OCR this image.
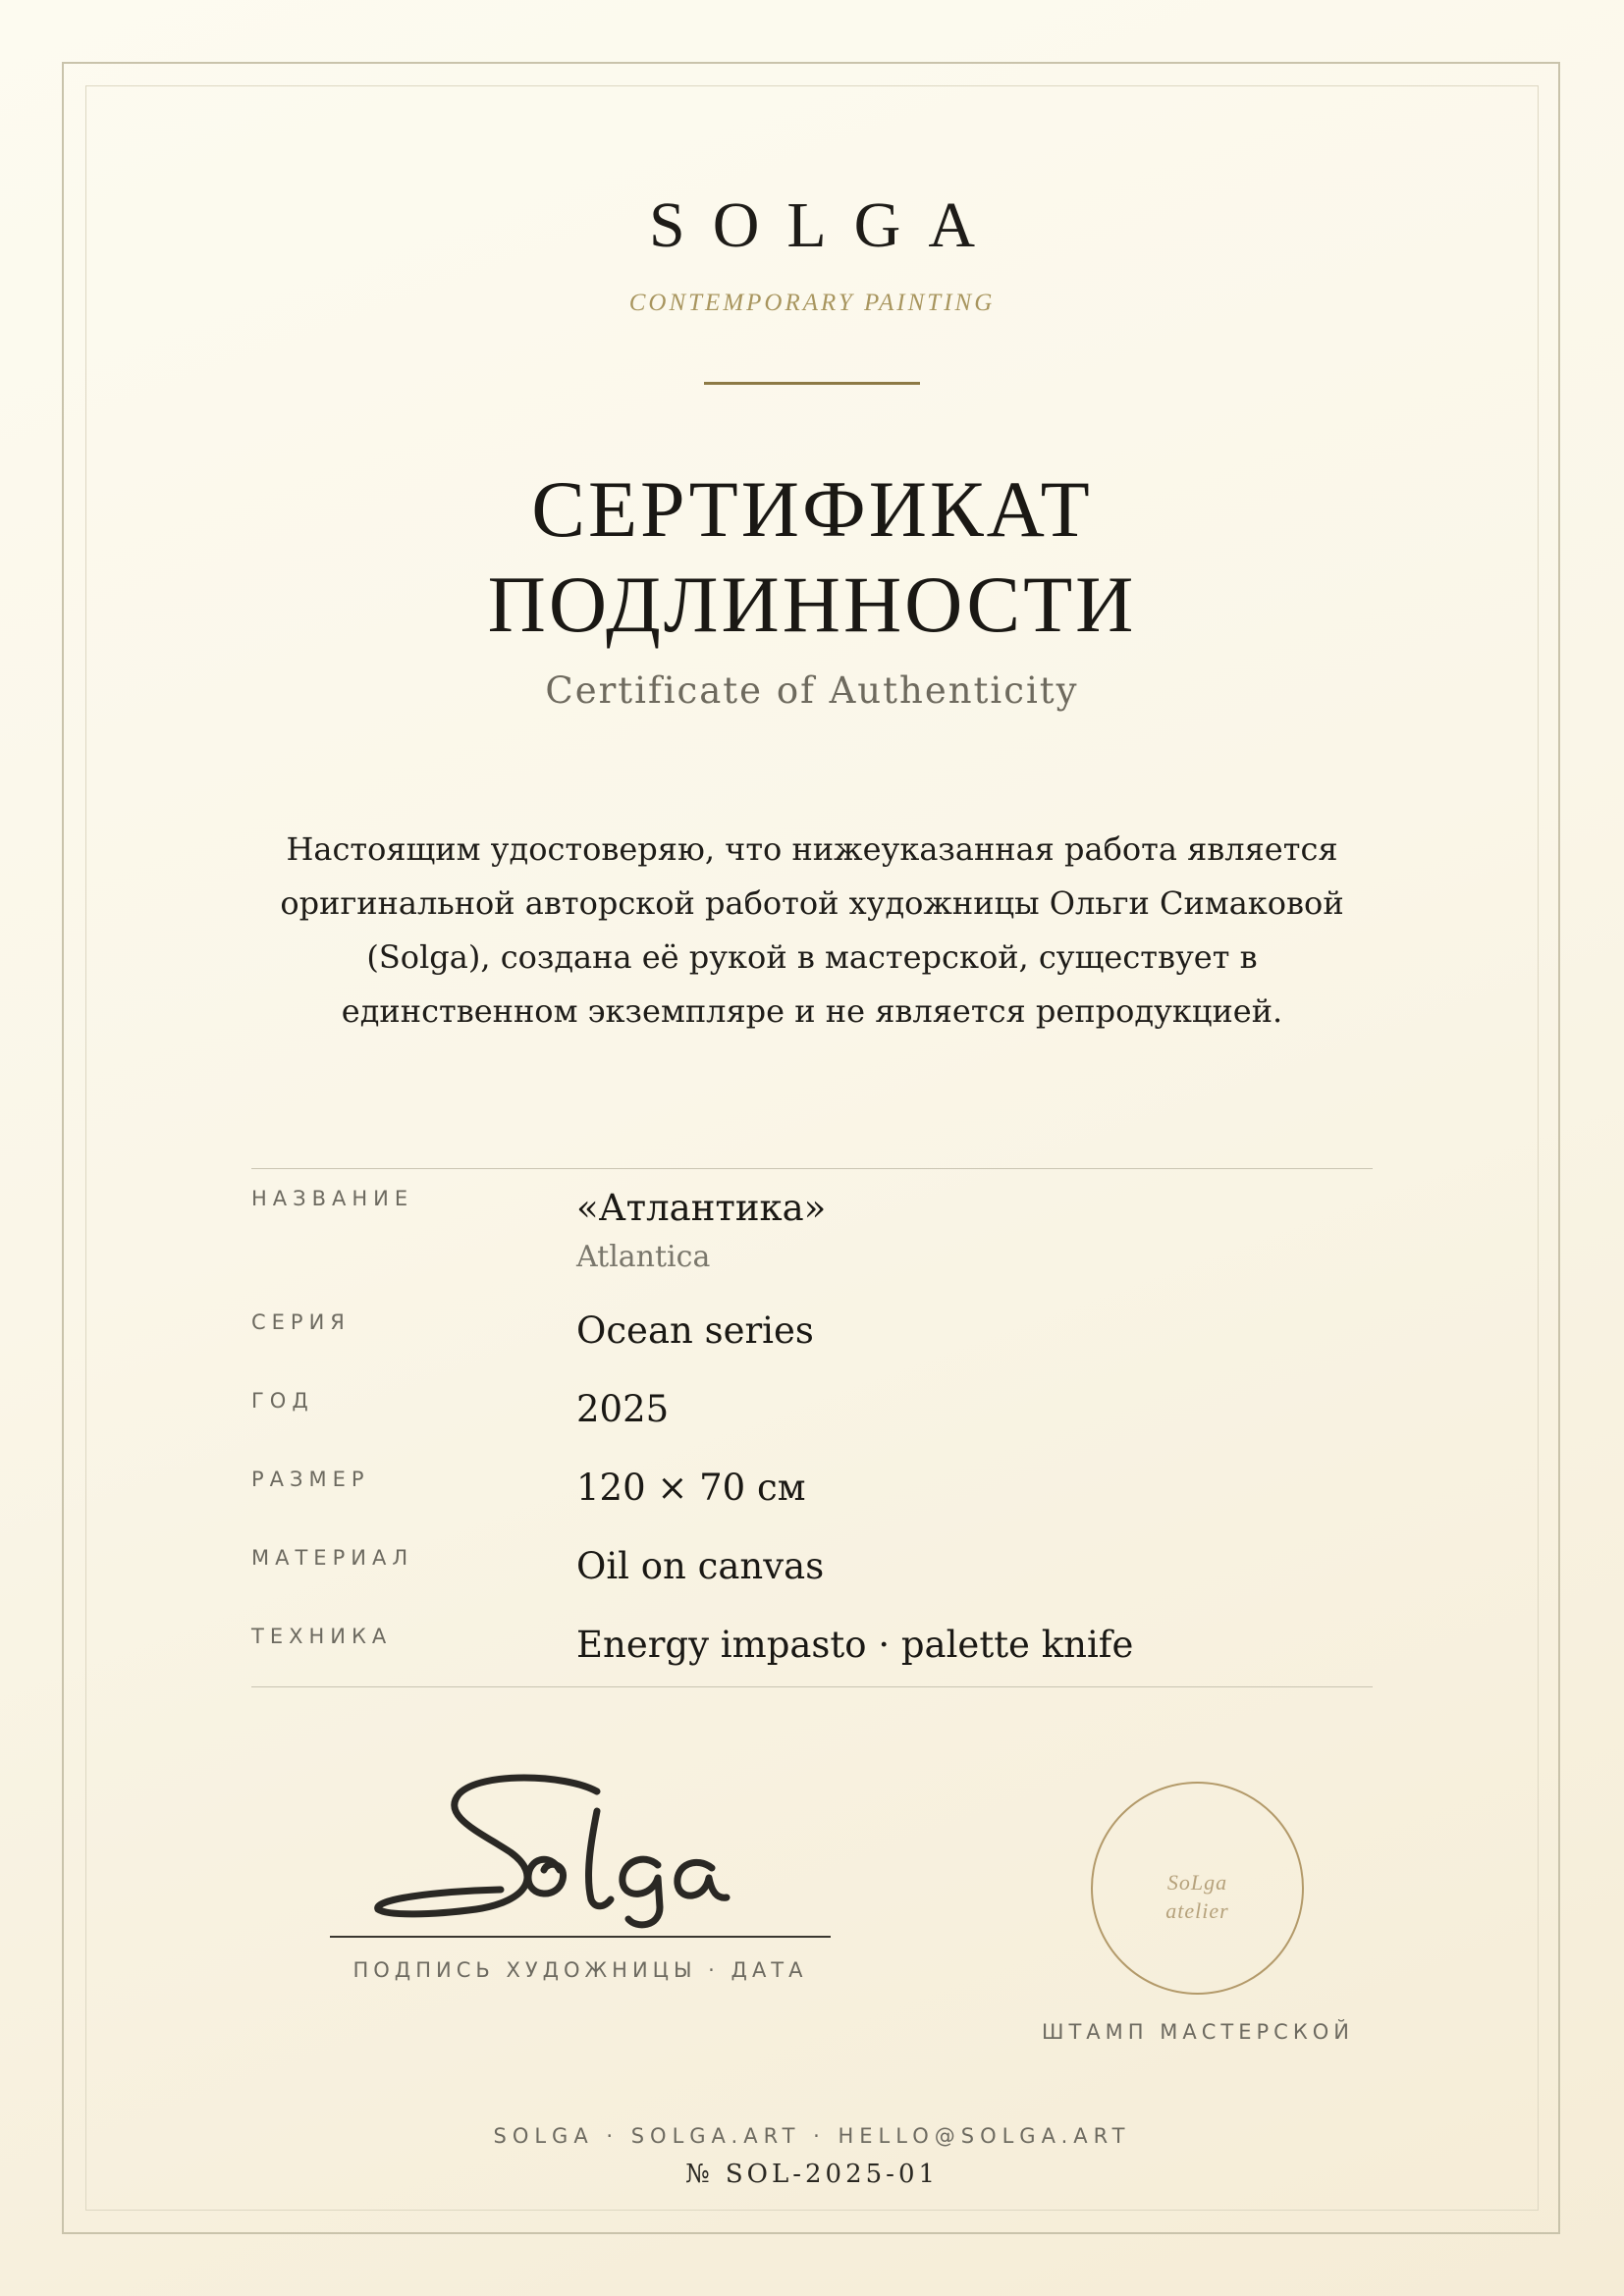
SOLGA
CONTEMPORARY PAINTING
СЕРТИФИКАТ
ПОДЛИННОСТИ
Certificate of Authenticity
Настоящим удостоверяю, что нижеуказанная работа является оригинальной авторской работой художницы Ольги Симаковой (Solga), создана её рукой в мастерской, существует в единственном экземпляре и не является репродукцией.
НАЗВАНИЕ	«Атлантика»
Atlantica
СЕРИЯ	Ocean series
ГОД	2025
РАЗМЕР	120 × 70 см
МАТЕРИАЛ	Oil on canvas
ТЕХНИКА	Energy impasto · palette knife
ПОДПИСЬ ХУДОЖНИЦЫ · ДАТА
SoLga
atelier
ШТАМП МАСТЕРСКОЙ
SOLGA · SOLGA.ART · HELLO@SOLGA.ART
№ SOL-2025-01
